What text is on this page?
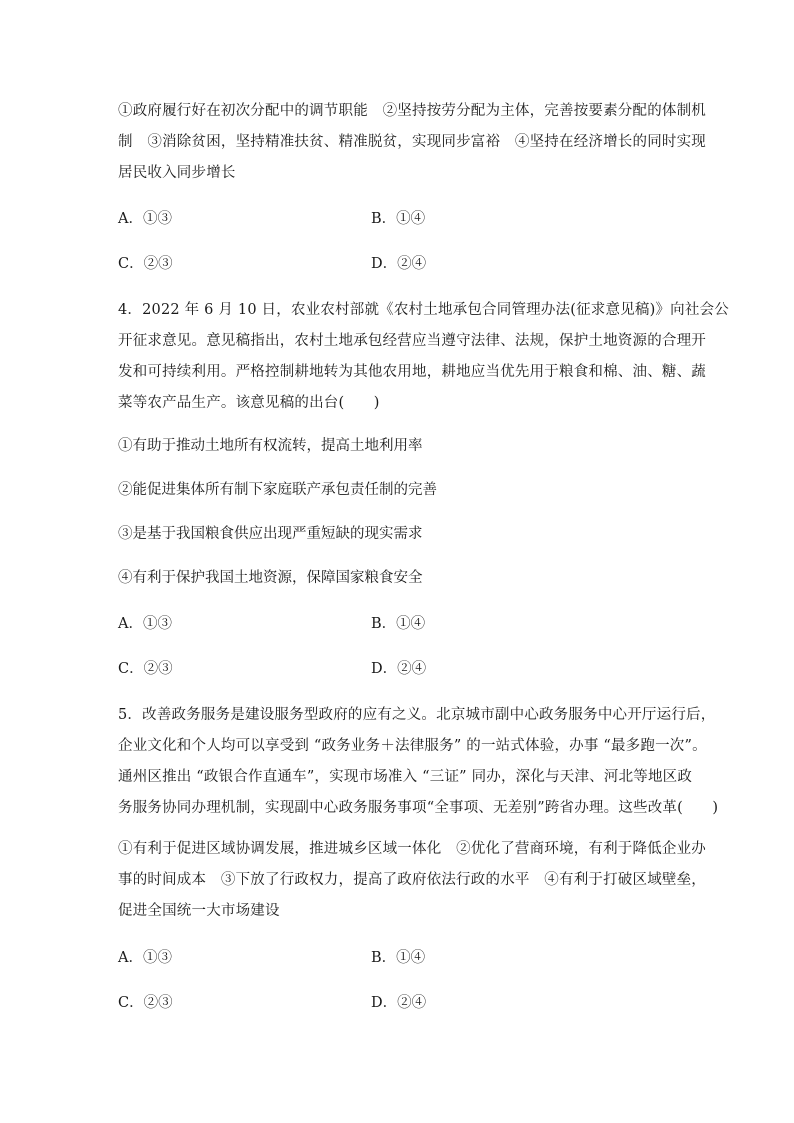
①政府履行好在初次分配中的调节职能　②坚持按劳分配为主体，完善按要素分配的体制机
制　③消除贫困，坚持精准扶贫、精准脱贫，实现同步富裕　④坚持在经济增长的同时实现
居民收入同步增长
A．①③	B．①④
C．②③	D．②④
4．2022 年 6 月 10 日，农业农村部就《农村土地承包合同管理办法(征求意见稿)》向社会公
开征求意见。意见稿指出，农村土地承包经营应当遵守法律、法规，保护土地资源的合理开
发和可持续利用。严格控制耕地转为其他农用地，耕地应当优先用于粮食和棉、油、糖、蔬
菜等农产品生产。该意见稿的出台(　　)
①有助于推动土地所有权流转，提高土地利用率
②能促进集体所有制下家庭联产承包责任制的完善
③是基于我国粮食供应出现严重短缺的现实需求
④有利于保护我国土地资源，保障国家粮食安全
A．①③	B．①④
C．②③	D．②④
5．改善政务服务是建设服务型政府的应有之义。北京城市副中心政务服务中心开厅运行后，
企业文化和个人均可以享受到 “政务业务＋法律服务” 的一站式体验，办事 “最多跑一次”。
通州区推出 “政银合作直通车”，实现市场准入 “三证” 同办，深化与天津、河北等地区政
务服务协同办理机制，实现副中心政务服务事项“全事项、无差别”跨省办理。这些改革(　　)
①有利于促进区域协调发展，推进城乡区域一体化　②优化了营商环境，有利于降低企业办
事的时间成本　③下放了行政权力，提高了政府依法行政的水平　④有利于打破区域壁垒，
促进全国统一大市场建设
A．①③	B．①④
C．②③	D．②④
